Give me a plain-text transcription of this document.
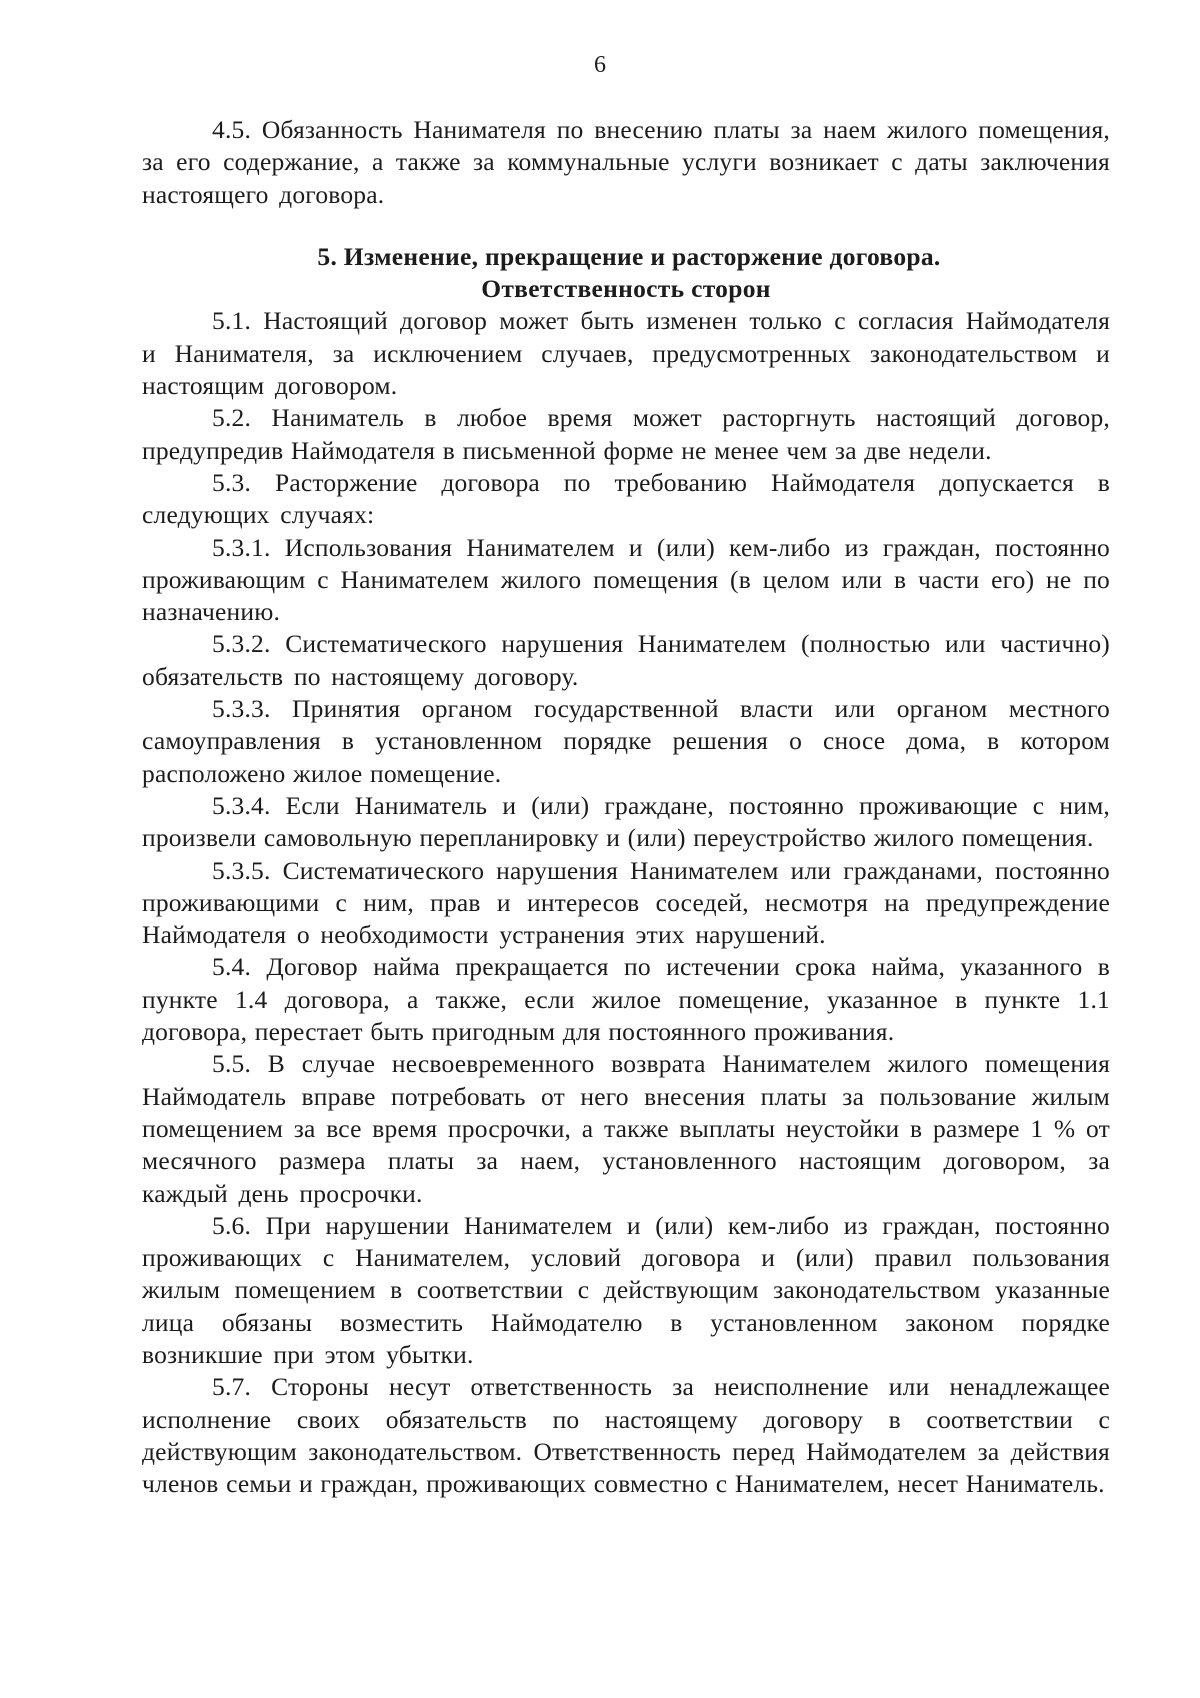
6

4.5. Обязанность Нанимателя по внесению платы за наем жилого помещения, за его содержание, а также за коммунальные услуги возникает с даты заключения настоящего договора.

5. Изменение, прекращение и расторжение договора.
Ответственность сторон

5.1. Настоящий договор может быть изменен только с согласия Наймодателя и Нанимателя, за исключением случаев, предусмотренных законодательством и настоящим договором.

5.2. Наниматель в любое время может расторгнуть настоящий договор, предупредив Наймодателя в письменной форме не менее чем за две недели.

5.3. Расторжение договора по требованию Наймодателя допускается в следующих случаях:

5.3.1. Использования Нанимателем и (или) кем-либо из граждан, постоянно проживающим с Нанимателем жилого помещения (в целом или в части его) не по назначению.

5.3.2. Систематического нарушения Нанимателем (полностью или частично) обязательств по настоящему договору.

5.3.3. Принятия органом государственной власти или органом местного самоуправления в установленном порядке решения о сносе дома, в котором расположено жилое помещение.

5.3.4. Если Наниматель и (или) граждане, постоянно проживающие с ним, произвели самовольную перепланировку и (или) переустройство жилого помещения.

5.3.5. Систематического нарушения Нанимателем или гражданами, постоянно проживающими с ним, прав и интересов соседей, несмотря на предупреждение Наймодателя о необходимости устранения этих нарушений.

5.4. Договор найма прекращается по истечении срока найма, указанного в пункте 1.4 договора, а также, если жилое помещение, указанное в пункте 1.1 договора, перестает быть пригодным для постоянного проживания.

5.5. В случае несвоевременного возврата Нанимателем жилого помещения Наймодатель вправе потребовать от него внесения платы за пользование жилым помещением за все время просрочки, а также выплаты неустойки в размере 1 % от месячного размера платы за наем, установленного настоящим договором, за каждый день просрочки.

5.6. При нарушении Нанимателем и (или) кем-либо из граждан, постоянно проживающих с Нанимателем, условий договора и (или) правил пользования жилым помещением в соответствии с действующим законодательством указанные лица обязаны возместить Наймодателю в установленном законом порядке возникшие при этом убытки.

5.7. Стороны несут ответственность за неисполнение или ненадлежащее исполнение своих обязательств по настоящему договору в соответствии с действующим законодательством. Ответственность перед Наймодателем за действия членов семьи и граждан, проживающих совместно с Нанимателем, несет Наниматель.
